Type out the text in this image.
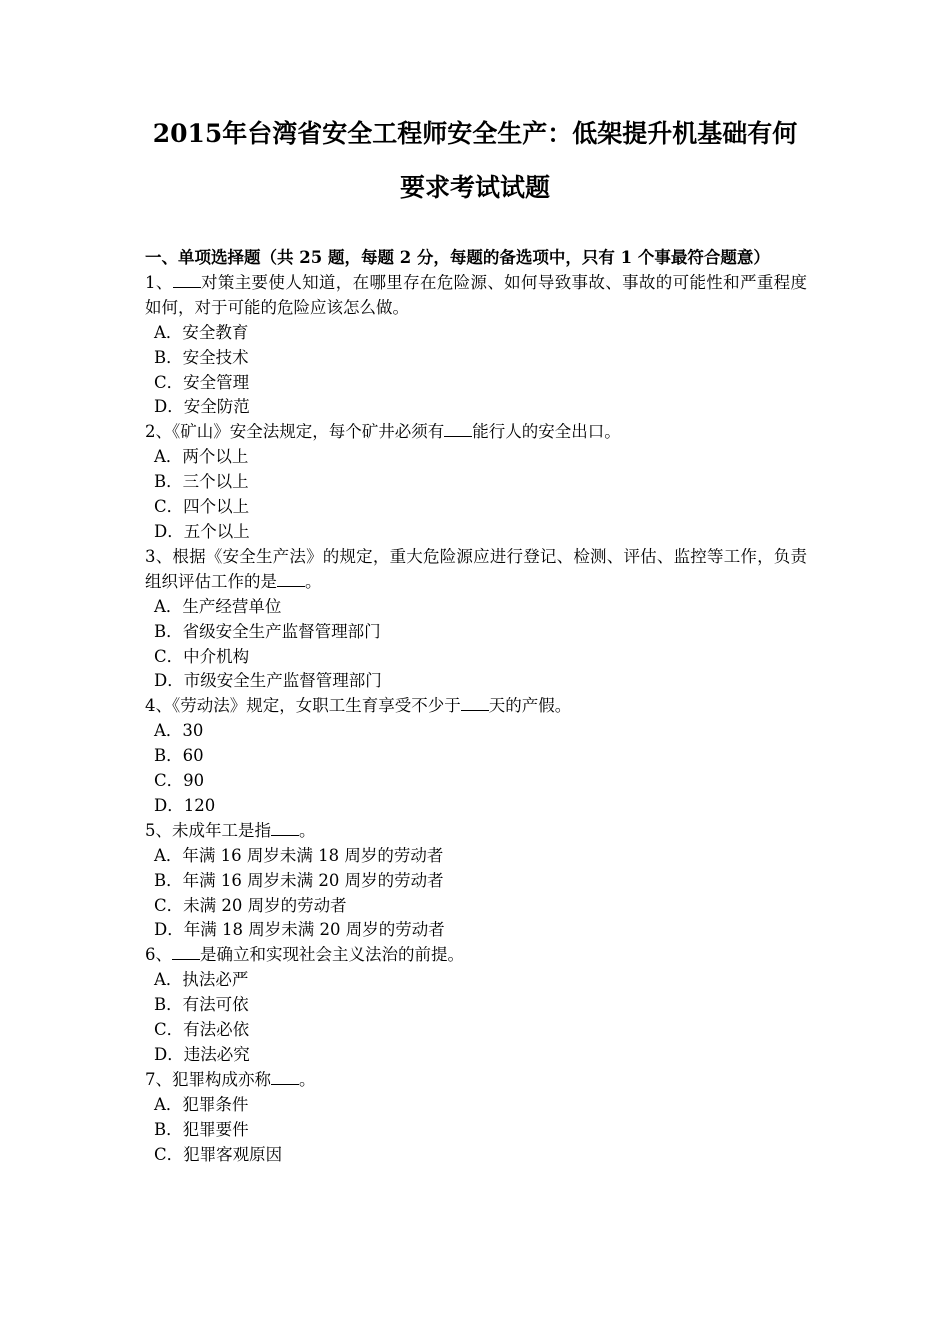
2015年台湾省安全工程师安全生产：低架提升机基础有何
要求考试试题

一、单项选择题（共 25 题，每题 2 分，每题的备选项中，只有 1 个事最符合题意）

1、 对策主要使人知道，在哪里存在危险源、如何导致事故、事故的可能性和严重程度如何，对于可能的危险应该怎么做。

A．安全教育
B．安全技术
C．安全管理
D．安全防范

2、《矿山》安全法规定，每个矿井必须有 能行人的安全出口。

A．两个以上
B．三个以上
C．四个以上
D．五个以上

3、根据《安全生产法》的规定，重大危险源应进行登记、检测、评估、监控等工作，负责组织评估工作的是 。

A．生产经营单位
B．省级安全生产监督管理部门
C．中介机构
D．市级安全生产监督管理部门

4、《劳动法》规定，女职工生育享受不少于 天的产假。

A．30
B．60
C．90
D．120

5、未成年工是指 。

A．年满 16 周岁未满 18 周岁的劳动者
B．年满 16 周岁未满 20 周岁的劳动者
C．未满 20 周岁的劳动者
D．年满 18 周岁未满 20 周岁的劳动者

6、 是确立和实现社会主义法治的前提。

A．执法必严
B．有法可依
C．有法必依
D．违法必究

7、犯罪构成亦称 。

A．犯罪条件
B．犯罪要件
C．犯罪客观原因
